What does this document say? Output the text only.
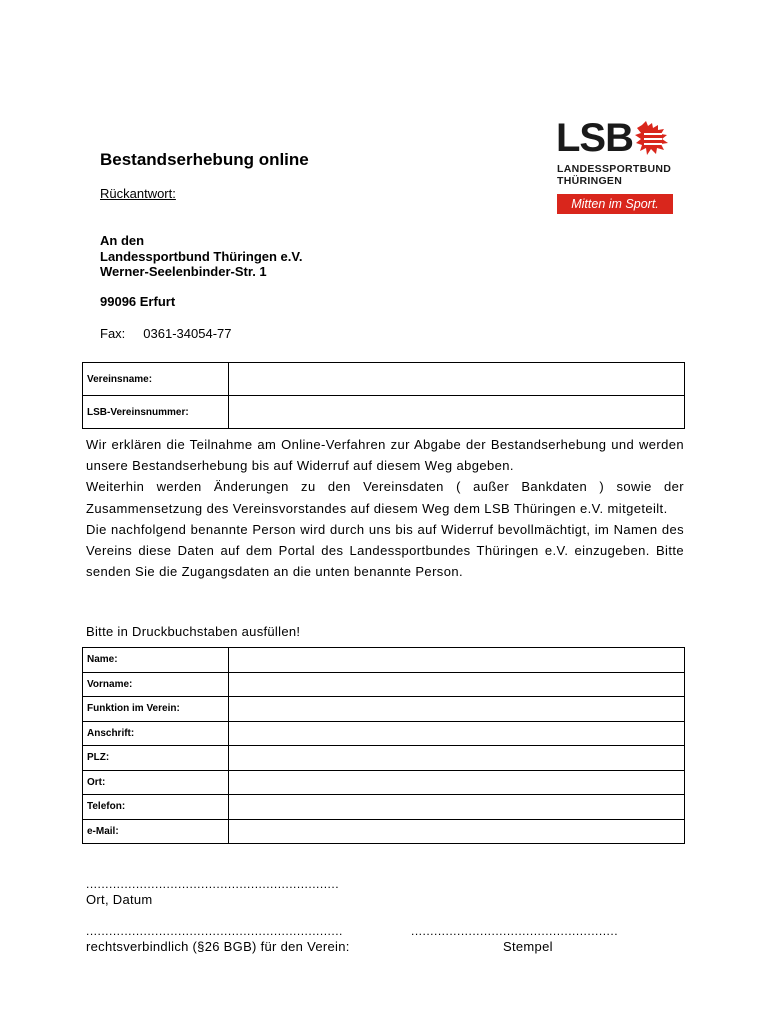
Bestandserhebung online
Rückantwort:
An den
Landessportbund Thüringen e.V.
Werner-Seelenbinder-Str. 1
99096 Erfurt
Fax: 0361-34054-77
LSB
LANDESSPORTBUND
THÜRINGEN
Mitten im Sport.
Vereinsname:	
LSB-Vereinsnummer:	

Wir erklären die Teilnahme am Online-Verfahren zur Abgabe der Bestandserhebung und werden unsere Bestandserhebung bis auf Widerruf auf diesem Weg abgeben.

Weiterhin werden Änderungen zu den Vereinsdaten ( außer Bankdaten ) sowie der Zusammensetzung des Vereinsvorstandes auf diesem Weg dem LSB Thüringen e.V. mitgeteilt.

Die nachfolgend benannte Person wird durch uns bis auf Widerruf bevollmächtigt, im Namen des Vereins diese Daten auf dem Portal des Landessportbundes Thüringen e.V. einzugeben. Bitte senden Sie die Zugangsdaten an die unten benannte Person.

Bitte in Druckbuchstaben ausfüllen!
Name:	
Vorname:	
Funktion im Verein:	
Anschrift:	
PLZ:	
Ort:	
Telefon:	
e-Mail:	
..................................................................
Ort, Datum
...................................................................
rechtsverbindlich (§26 BGB) für den Verein:
......................................................
Stempel
